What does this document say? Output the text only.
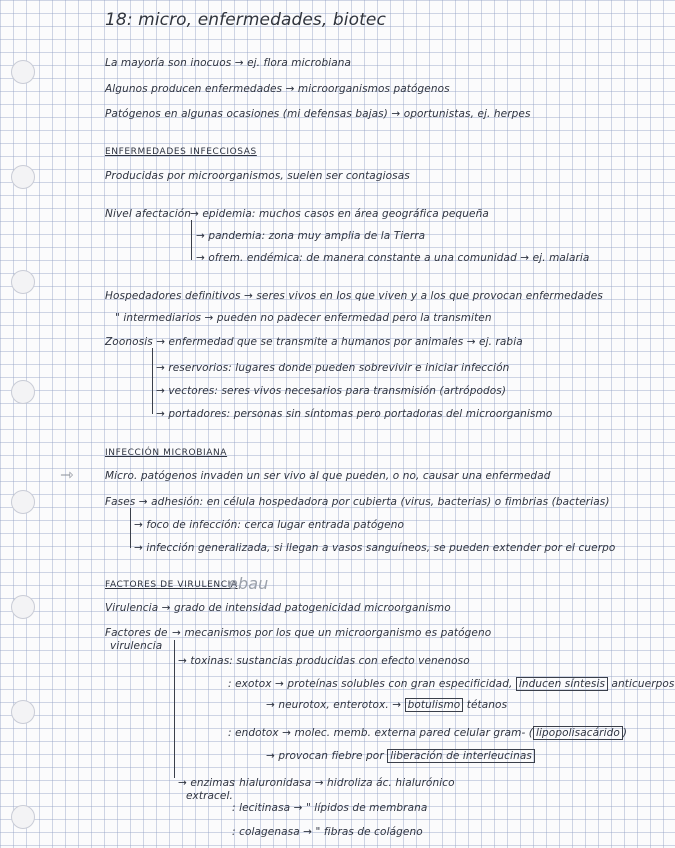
⇾
18: micro, enfermedades, biotec
La mayoría son inocuos → ej. flora microbiana
Algunos producen enfermedades → microorganismos patógenos
Patógenos en algunas ocasiones (mi defensas bajas) → oportunistas, ej. herpes
ENFERMEDADES INFECCIOSAS
Producidas por microorganismos, suelen ser contagiosas
Nivel afectación → epidemia: muchos casos en área geográfica pequeña
→ pandemia: zona muy amplia de la Tierra
→ ofrem. endémica: de manera constante a una comunidad → ej. malaria
Hospedadores definitivos → seres vivos en los que viven y a los que provocan enfermedades
" intermediarios → pueden no padecer enfermedad pero la transmiten
Zoonosis → enfermedad que se transmite a humanos por animales → ej. rabia
→ reservorios: lugares donde pueden sobrevivir e iniciar infección
→ vectores: seres vivos necesarios para transmisión (artrópodos)
→ portadores: personas sin síntomas pero portadoras del microorganismo
INFECCIÓN MICROBIANA
Micro. patógenos invaden un ser vivo al que pueden, o no, causar una enfermedad
Fases → adhesión: en célula hospedadora por cubierta (virus, bacterias) o fimbrias (bacterias)
→ foco de infección: cerca lugar entrada patógeno
→ infección generalizada, si llegan a vasos sanguíneos, se pueden extender por el cuerpo
FACTORES DE VIRULENCIA
ebau
Virulencia → grado de intensidad patogenicidad microorganismo
Factores de
virulencia
→ mecanismos por los que un microorganismo es patógeno
→ toxinas: sustancias producidas con efecto venenoso
: exotox → proteínas solubles con gran especificidad, inducen síntesis anticuerpos
→ neurotox, enterotox. → botulismo tétanos
: endotox → molec. memb. externa pared celular gram- ( lipopolisacárido )
→ provocan fiebre por liberación de interleucinas
→ enzimas
extracel.
: hialuronidasa → hidroliza ác. hialurónico
: lecitinasa → " lípidos de membrana
: colagenasa → " fibras de colágeno
